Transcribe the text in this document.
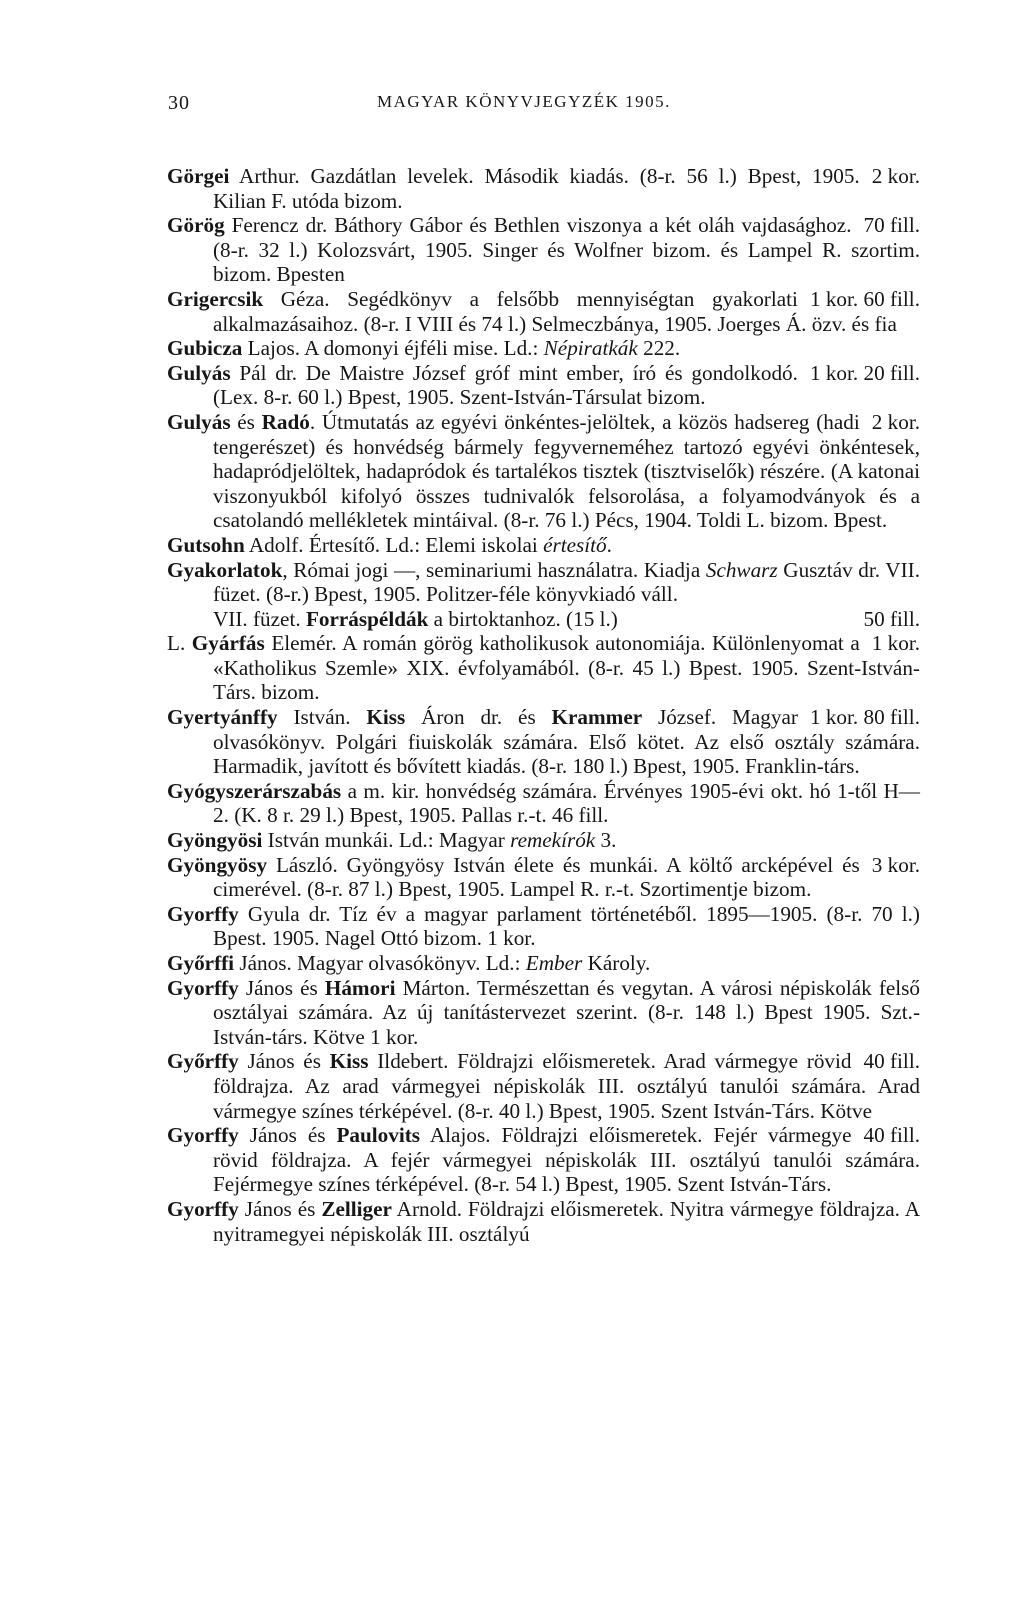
30	MAGYAR KÖNYVJEGYZÉK 1905.
2 kor.
Görgei Arthur. Gazdátlan levelek. Második kiadás. (8-r. 56 l.) Bpest, 1905. Kilian F. utóda bizom.
70 fill.
Görög Ferencz dr. Báthory Gábor és Bethlen viszonya a két oláh vajdasághoz. (8-r. 32 l.) Kolozsvárt, 1905. Singer és Wolfner bizom. és Lampel R. szortim. bizom. Bpesten
1 kor. 60 fill.
Grigercsik Géza. Segédkönyv a felsőbb mennyiségtan gyakorlati alkalmazásaihoz. (8-r. I VIII és 74 l.) Selmeczbánya, 1905. Joerges Á. özv. és fia
Gubicza Lajos. A domonyi éjféli mise. Ld.: Népiratkák 222.
1 kor. 20 fill.
Gulyás Pál dr. De Maistre József gróf mint ember, író és gondolkodó. (Lex. 8-r. 60 l.) Bpest, 1905. Szent-István-Társulat bizom.
2 kor.
Gulyás és Radó. Útmutatás az egyévi önkéntes-jelöltek, a közös hadsereg (hadi tengerészet) és honvédség bármely fegyverneméhez tartozó egyévi önkéntesek, hadapródjelöltek, hadapródok és tartalékos tisztek (tisztviselők) részére. (A katonai viszonyukból kifolyó összes tudnivalók felsorolása, a folyamodványok és a csatolandó mellékletek mintáival. (8-r. 76 l.) Pécs, 1904. Toldi L. bizom. Bpest.
Gutsohn Adolf. Értesítő. Ld.: Elemi iskolai értesítő.
Gyakorlatok, Római jogi —, seminariumi használatra. Kiadja Schwarz Gusztáv dr. VII. füzet. (8-r.) Bpest, 1905. Politzer-féle könyvkiadó váll.
50 fill.
VII. füzet. Forráspéldák a birtoktanhoz. (15 l.)
1 kor.
L. Gyárfás Elemér. A román görög katholikusok autonomiája. Különlenyomat a «Katholikus Szemle» XIX. évfolyamából. (8-r. 45 l.) Bpest. 1905. Szent-István-Társ. bizom.
1 kor. 80 fill.
Gyertyánffy István. Kiss Áron dr. és Krammer József. Magyar olvasókönyv. Polgári fiuiskolák számára. Első kötet. Az első osztály számára. Harmadik, javított és bővített kiadás. (8-r. 180 l.) Bpest, 1905. Franklin-társ.
Gyógyszerárszabás a m. kir. honvédség számára. Érvényes 1905-évi okt. hó 1-től H—2. (K. 8 r. 29 l.) Bpest, 1905. Pallas r.-t. 46 fill.
Gyöngyösi István munkái. Ld.: Magyar remekírók 3.
3 kor.
Gyöngyösy László. Gyöngyösy István élete és munkái. A költő arcképével és cimerével. (8-r. 87 l.) Bpest, 1905. Lampel R. r.-t. Szortimentje bizom.
Gyorffy Gyula dr. Tíz év a magyar parlament történetéből. 1895—1905. (8-r. 70 l.) Bpest. 1905. Nagel Ottó bizom. 1 kor.
Győrffi János. Magyar olvasókönyv. Ld.: Ember Károly.
Gyorffy János és Hámori Márton. Természettan és vegytan. A városi népiskolák felső osztályai számára. Az új tanítástervezet szerint. (8-r. 148 l.) Bpest 1905. Szt.-István-társ. Kötve 1 kor.
40 fill.
Győrffy János és Kiss Ildebert. Földrajzi előismeretek. Arad vármegye rövid földrajza. Az arad vármegyei népiskolák III. osztályú tanulói számára. Arad vármegye színes térképével. (8-r. 40 l.) Bpest, 1905. Szent István-Társ. Kötve
40 fill.
Gyorffy János és Paulovits Alajos. Földrajzi előismeretek. Fejér vármegye rövid földrajza. A fejér vármegyei népiskolák III. osztályú tanulói számára. Fejérmegye színes térképével. (8-r. 54 l.) Bpest, 1905. Szent István-Társ.
Gyorffy János és Zelliger Arnold. Földrajzi előismeretek. Nyitra vármegye földrajza. A nyitramegyei népiskolák III. osztályú
